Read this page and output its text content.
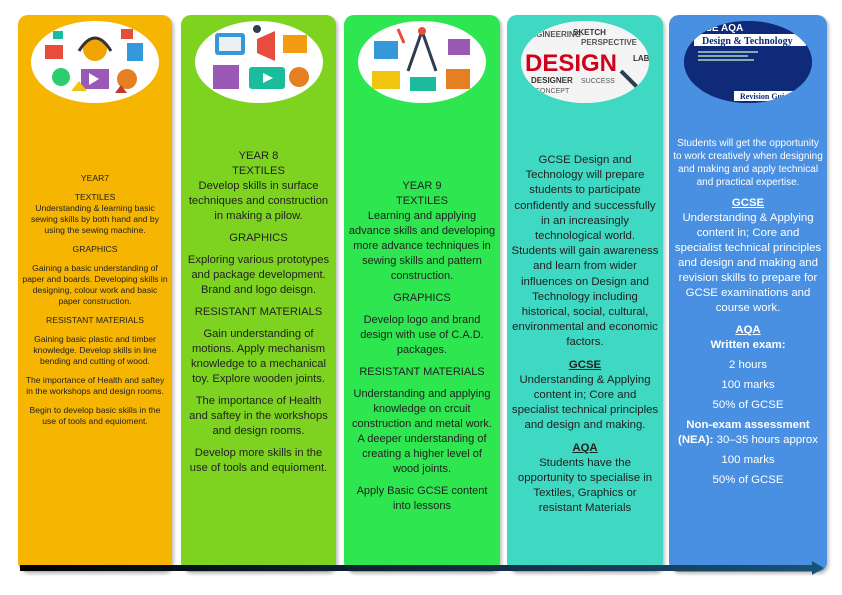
YEAR7

TEXTILES

Understanding & learning basic sewing skills by both hand and by using the sewing machine.

GRAPHICS

Gaining a basic understanding of paper and boards. Developing skills in designing, colour work and basic paper construction.

RESISTANT MATERIALS

Gaining basic plastic and timber knowledge. Develop skills in line bending and cutting of wood.

The importance of Health and saftey in the workshops and design rooms.

Begin to develop basic skills in the use of tools and equioment.

YEAR 8
TEXTILES

Develop skills in surface techniques and construction in making a pilow.

GRAPHICS

Exploring various prototypes and package development. Brand and logo deisgn.

RESISTANT MATERIALS

Gain understanding of motions. Apply mechanism knowledge to a mechanical toy. Explore wooden joints.

The importance of Health and saftey in the workshops and design rooms.

Develop more skills in the use of tools and equioment.

YEAR 9
TEXTILES

Learning and applying advance skills and developing more advance techniques in sewing skills and pattern construction.

GRAPHICS

Develop logo and brand design with use of C.A.D. packages.

RESISTANT MATERIALS

Understanding and applying knowledge on crcuit construction and metal work. A deeper understanding of creating a higher level of wood joints.

Apply Basic GCSE content into lessons

ENGINEERING
SKETCH
PERSPECTIVE
DESIGN
DESIGNER
CONCEPT
SUCCESS
LAB

GCSE Design and Technology will prepare students to participate confidently and successfully in an increasingly technological world. Students will gain awareness and learn from wider influences on Design and Technology including historical, social, cultural, environmental and economic factors.

GCSE

Understanding & Applying content in; Core and specialist technical principles and design and making.

AQA

Students have the opportunity to specialise in Textiles, Graphics or resistant Materials

CSE AQA
Design & Technology
Revision Gui

Students will get the opportunity to work creatively when designing and making and apply technical and practical expertise.

GCSE

Understanding & Applying content in; Core and specialist technical principles and design and making and revision skills to prepare for GCSE examinations and course work.

AQA
Written exam:
2 hours
100 marks
50% of GCSE
Non-exam assessment (NEA): 30–35 hours approx
100 marks
50% of GCSE
